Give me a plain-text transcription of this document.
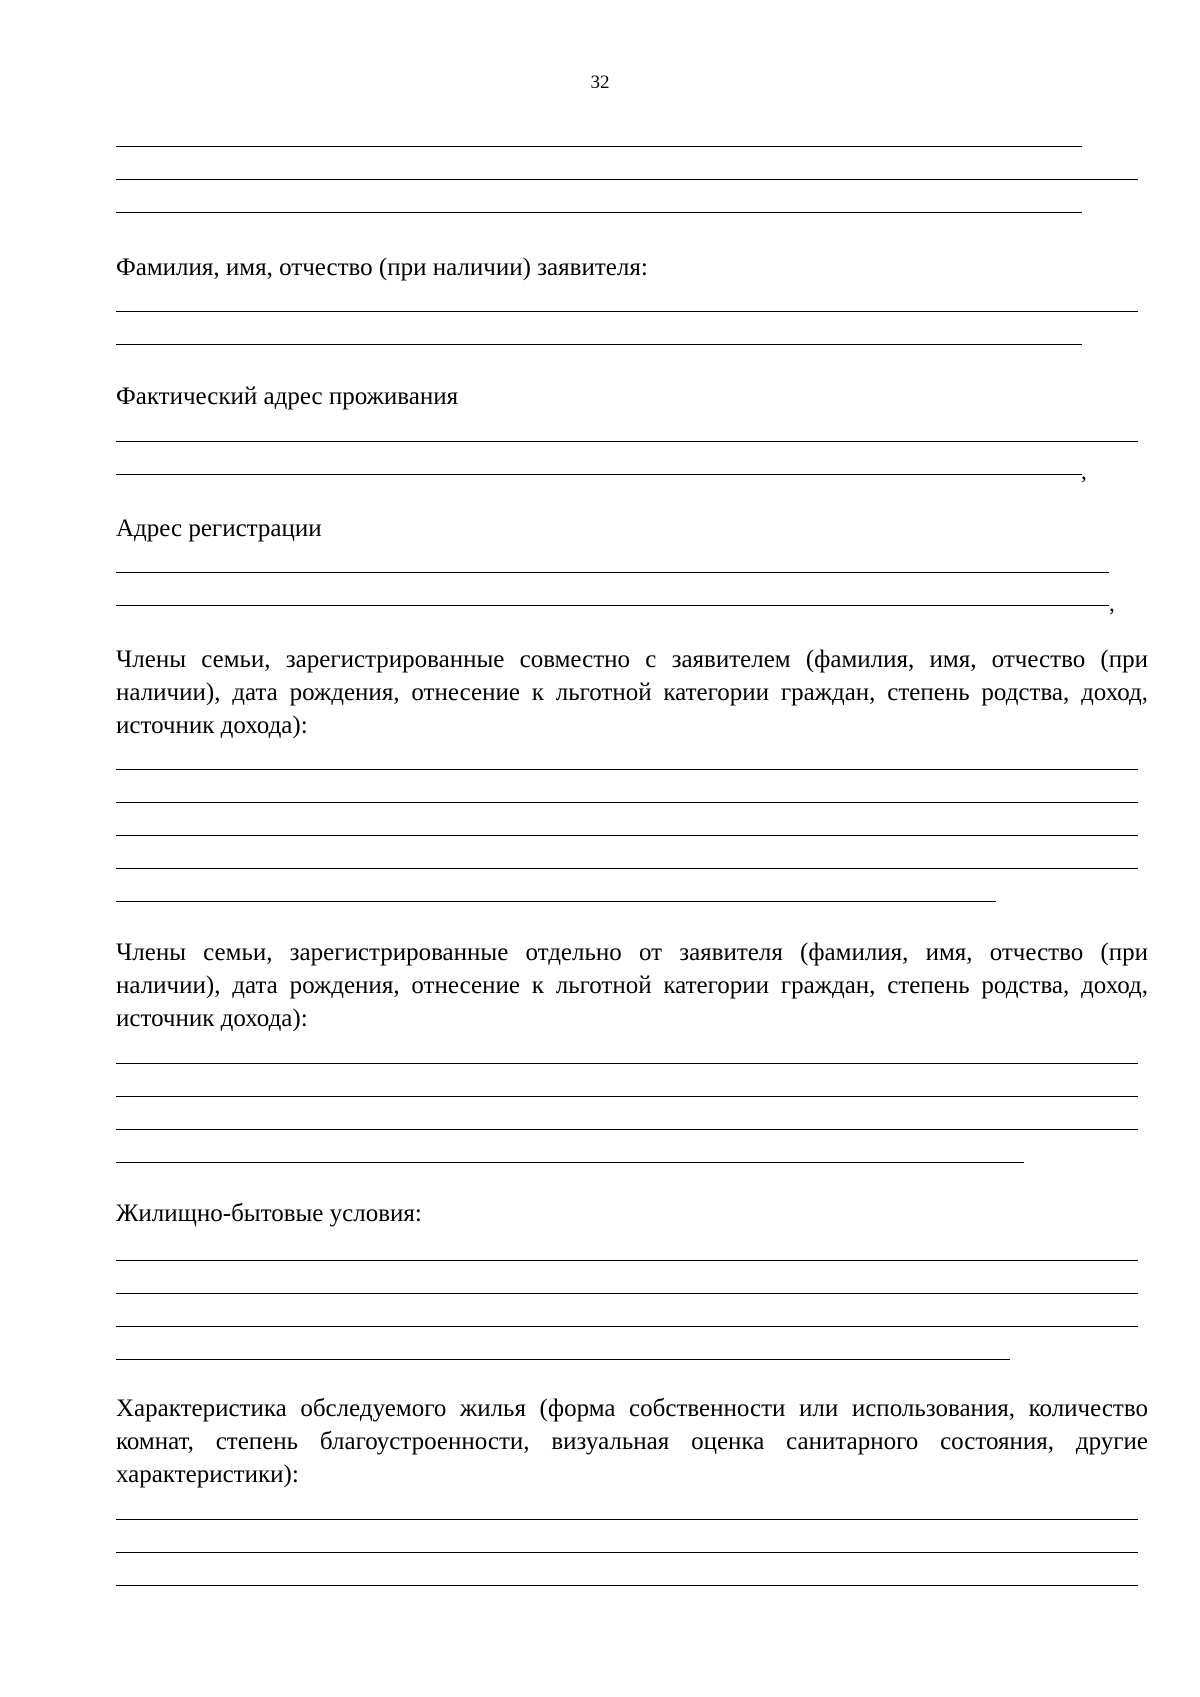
32
Фамилия, имя, отчество (при наличии) заявителя:
Фактический адрес проживания
,
Адрес регистрации
,
Члены семьи, зарегистрированные совместно с заявителем (фамилия, имя, отчество (при наличии), дата рождения, отнесение к льготной категории граждан, степень родства, доход, источник дохода):
Члены семьи, зарегистрированные отдельно от заявителя (фамилия, имя, отчество (при наличии), дата рождения, отнесение к льготной категории граждан, степень родства, доход, источник дохода):
Жилищно-бытовые условия:
Характеристика обследуемого жилья (форма собственности или использования, количество комнат, степень благоустроенности, визуальная оценка санитарного состояния, другие характеристики):
